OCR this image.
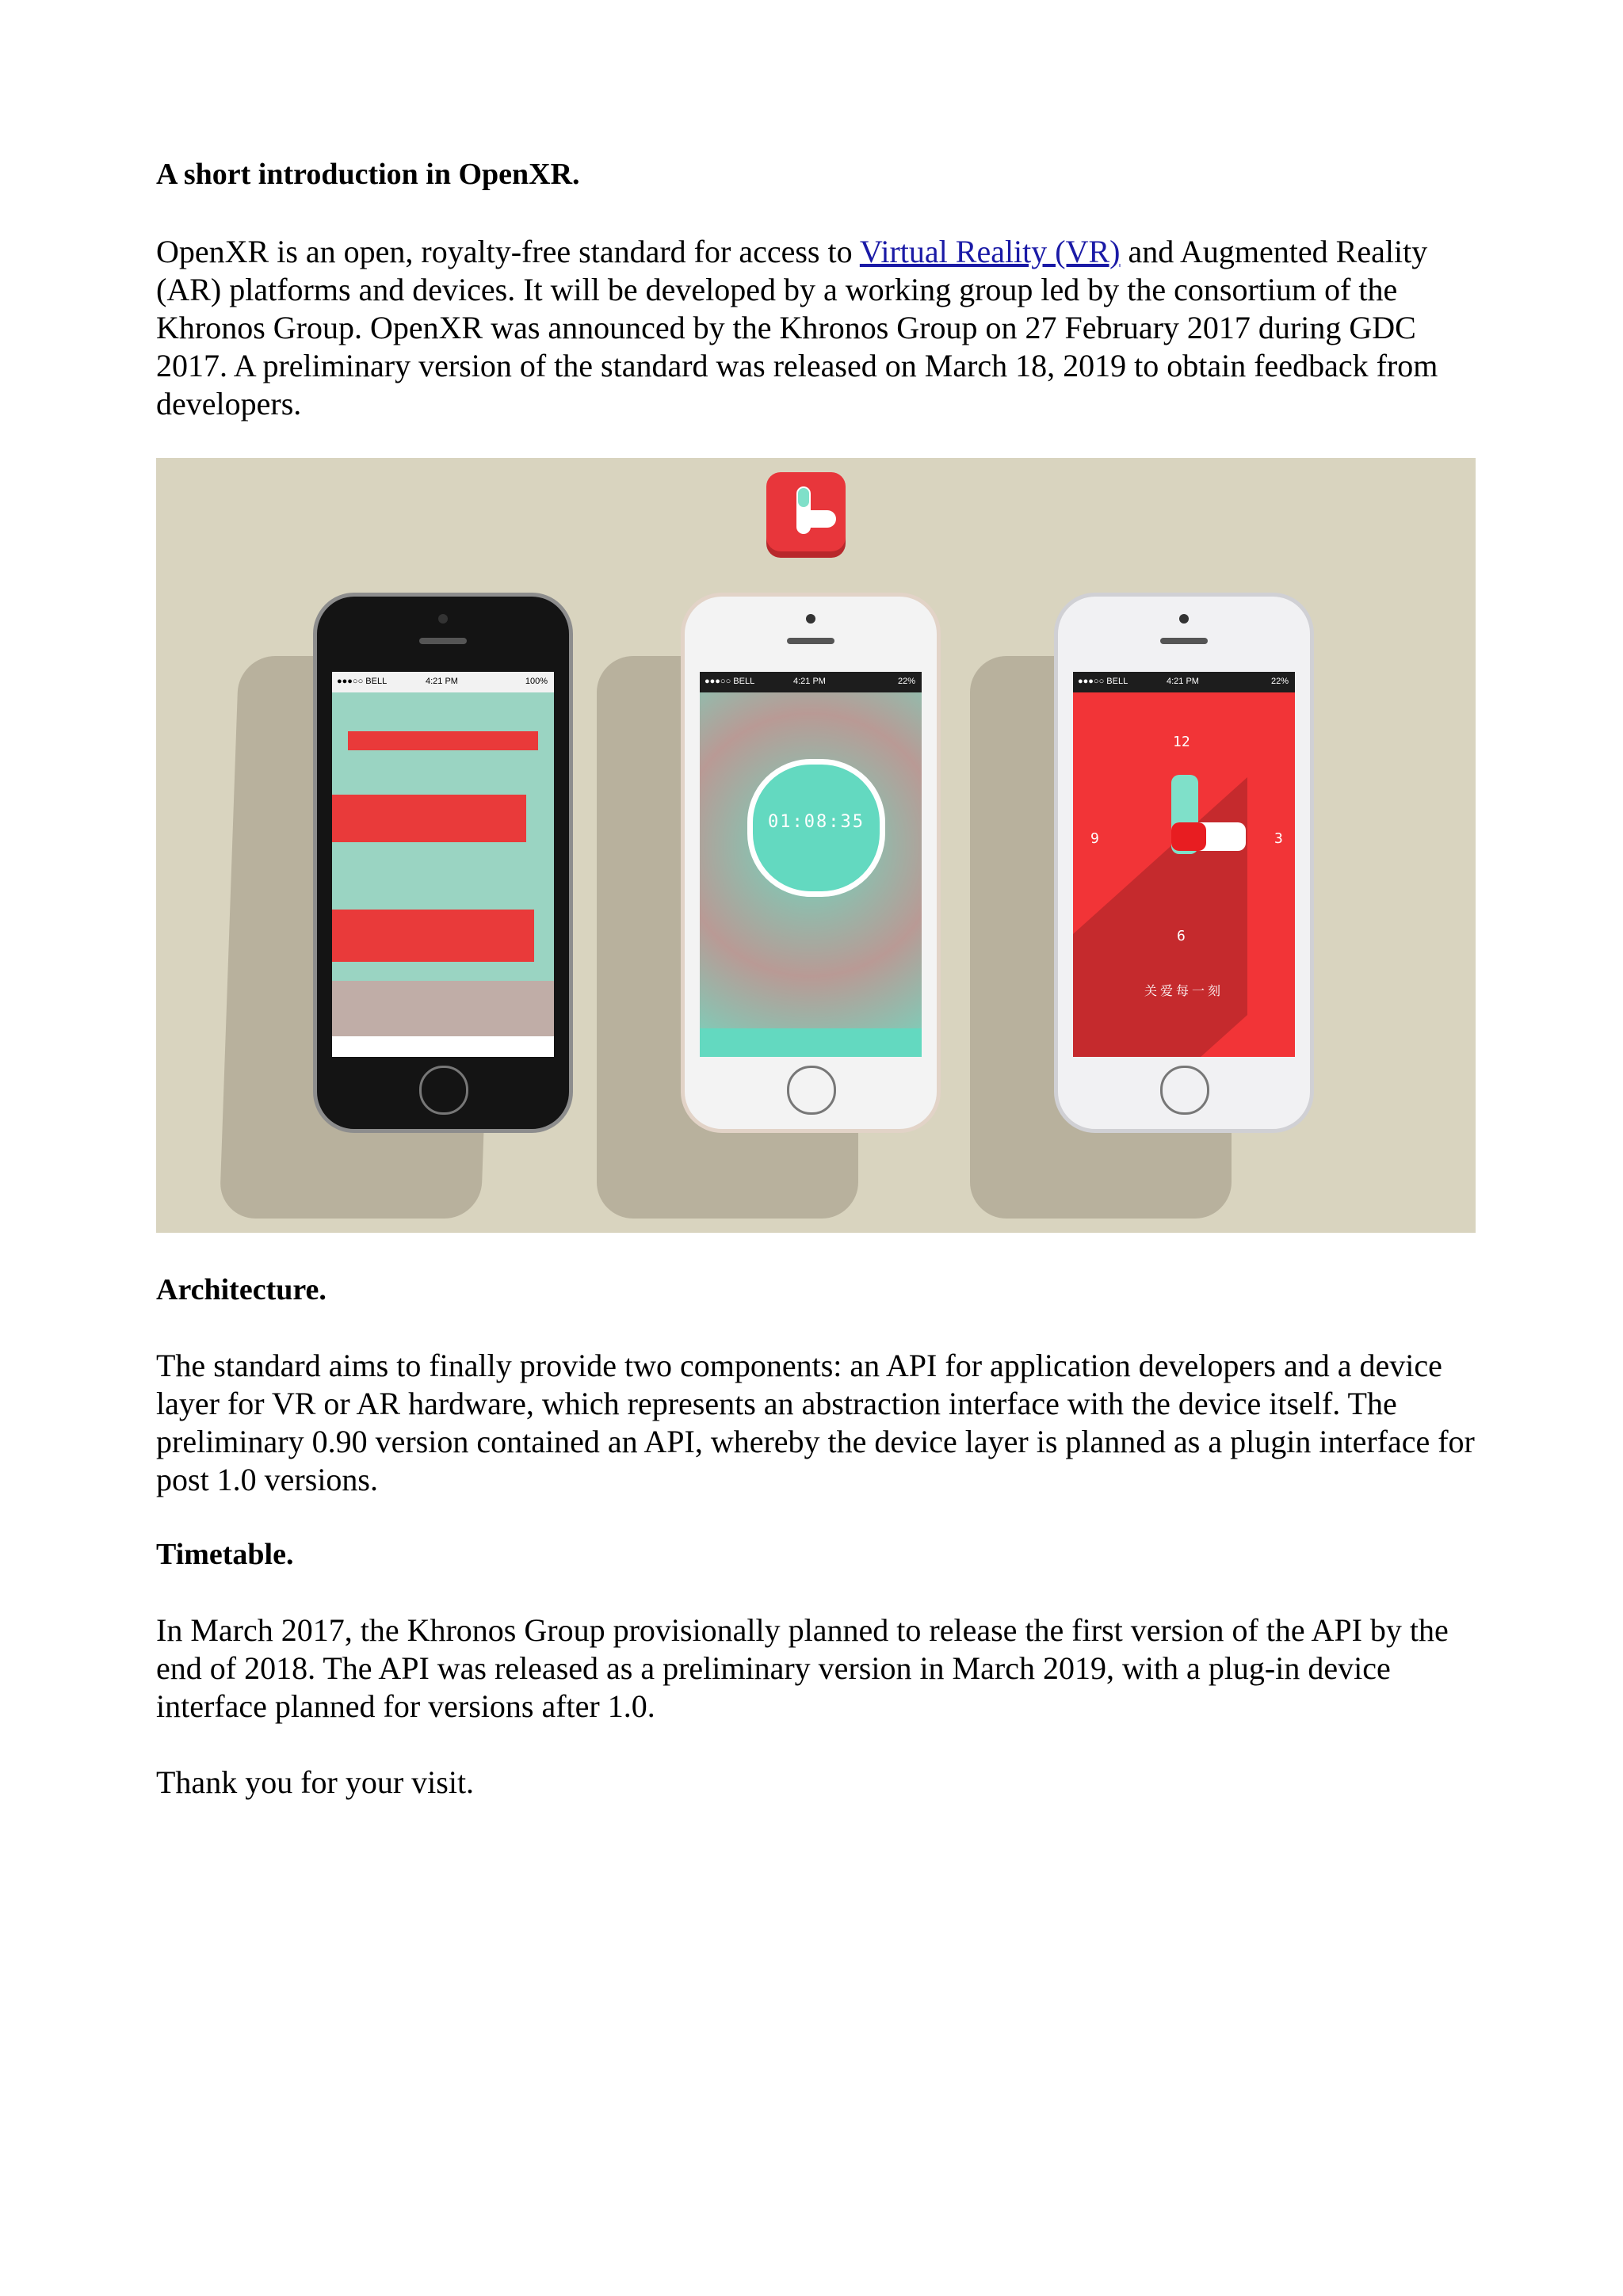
A short introduction in OpenXR.

OpenXR is an open, royalty-free standard for access to Virtual Reality (VR) and Augmented Reality (AR) platforms and devices. It will be developed by a working group led by the consortium of the Khronos Group. OpenXR was announced by the Khronos Group on 27 February 2017 during GDC 2017. A preliminary version of the standard was released on March 18, 2019 to obtain feedback from developers.

●●●○○ BELL	4:21 PM	100%	●●●○○ BELL	4:21 PM	22%
01:08:35
●●●○○ BELL	4:21 PM	22%
12
3
6
9
关爱每一刻
Architecture.

The standard aims to finally provide two components: an API for application developers and a device layer for VR or AR hardware, which represents an abstraction interface with the device itself. The preliminary 0.90 version contained an API, whereby the device layer is planned as a plugin interface for post 1.0 versions.

Timetable.

In March 2017, the Khronos Group provisionally planned to release the first version of the API by the end of 2018. The API was released as a preliminary version in March 2019, with a plug-in device interface planned for versions after 1.0.

Thank you for your visit.
